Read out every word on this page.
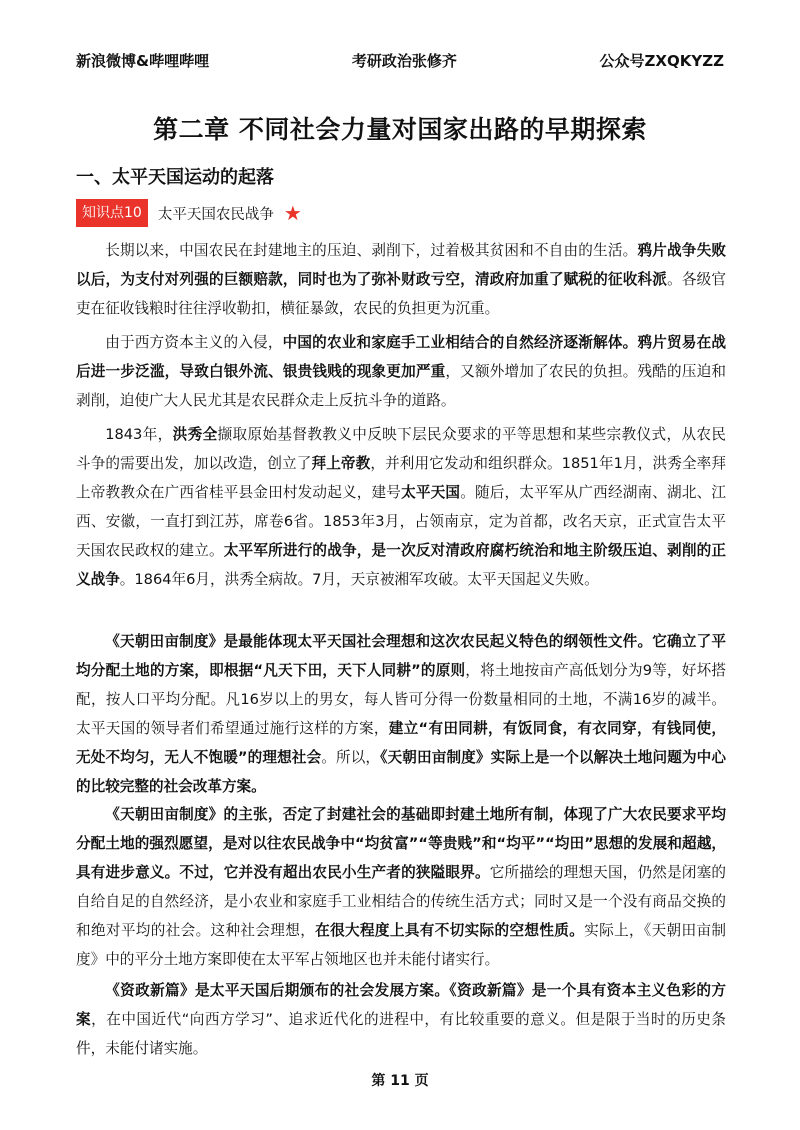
新浪微博&哔哩哔哩	考研政治张修齐	公众号ZXQKYZZ
第二章 不同社会力量对国家出路的早期探索
一、太平天国运动的起落
知识点10	太平天国农民战争 ★
长期以来，中国农民在封建地主的压迫、剥削下，过着极其贫困和不自由的生活。鸦片战争失败以后，为支付对列强的巨额赔款，同时也为了弥补财政亏空，清政府加重了赋税的征收科派。各级官吏在征收钱粮时往往浮收勒扣，横征暴敛，农民的负担更为沉重。
由于西方资本主义的入侵，中国的农业和家庭手工业相结合的自然经济逐渐解体。鸦片贸易在战后进一步泛滥，导致白银外流、银贵钱贱的现象更加严重，又额外增加了农民的负担。残酷的压迫和剥削，迫使广大人民尤其是农民群众走上反抗斗争的道路。
1843年，洪秀全撷取原始基督教教义中反映下层民众要求的平等思想和某些宗教仪式，从农民斗争的需要出发，加以改造，创立了拜上帝教，并利用它发动和组织群众。1851年1月，洪秀全率拜上帝教教众在广西省桂平县金田村发动起义，建号太平天国。随后，太平军从广西经湖南、湖北、江西、安徽，一直打到江苏，席卷6省。1853年3月，占领南京，定为首都，改名天京，正式宣告太平天国农民政权的建立。太平军所进行的战争，是一次反对清政府腐朽统治和地主阶级压迫、剥削的正义战争。1864年6月，洪秀全病故。7月，天京被湘军攻破。太平天国起义失败。
《天朝田亩制度》是最能体现太平天国社会理想和这次农民起义特色的纲领性文件。它确立了平均分配土地的方案，即根据“凡天下田，天下人同耕”的原则，将土地按亩产高低划分为9等，好坏搭配，按人口平均分配。凡16岁以上的男女，每人皆可分得一份数量相同的土地，不满16岁的减半。太平天国的领导者们希望通过施行这样的方案，建立“有田同耕，有饭同食，有衣同穿，有钱同使，无处不均匀，无人不饱暖”的理想社会。所以，《天朝田亩制度》实际上是一个以解决土地问题为中心的比较完整的社会改革方案。
《天朝田亩制度》的主张，否定了封建社会的基础即封建土地所有制，体现了广大农民要求平均分配土地的强烈愿望，是对以往农民战争中“均贫富”“等贵贱”和“均平”“均田”思想的发展和超越，具有进步意义。不过，它并没有超出农民小生产者的狭隘眼界。它所描绘的理想天国，仍然是闭塞的自给自足的自然经济，是小农业和家庭手工业相结合的传统生活方式；同时又是一个没有商品交换的和绝对平均的社会。这种社会理想，在很大程度上具有不切实际的空想性质。实际上，《天朝田亩制度》中的平分土地方案即使在太平军占领地区也并未能付诸实行。
《资政新篇》是太平天国后期颁布的社会发展方案。《资政新篇》是一个具有资本主义色彩的方案，在中国近代“向西方学习”、追求近代化的进程中，有比较重要的意义。但是限于当时的历史条件，未能付诸实施。
第 11 页
